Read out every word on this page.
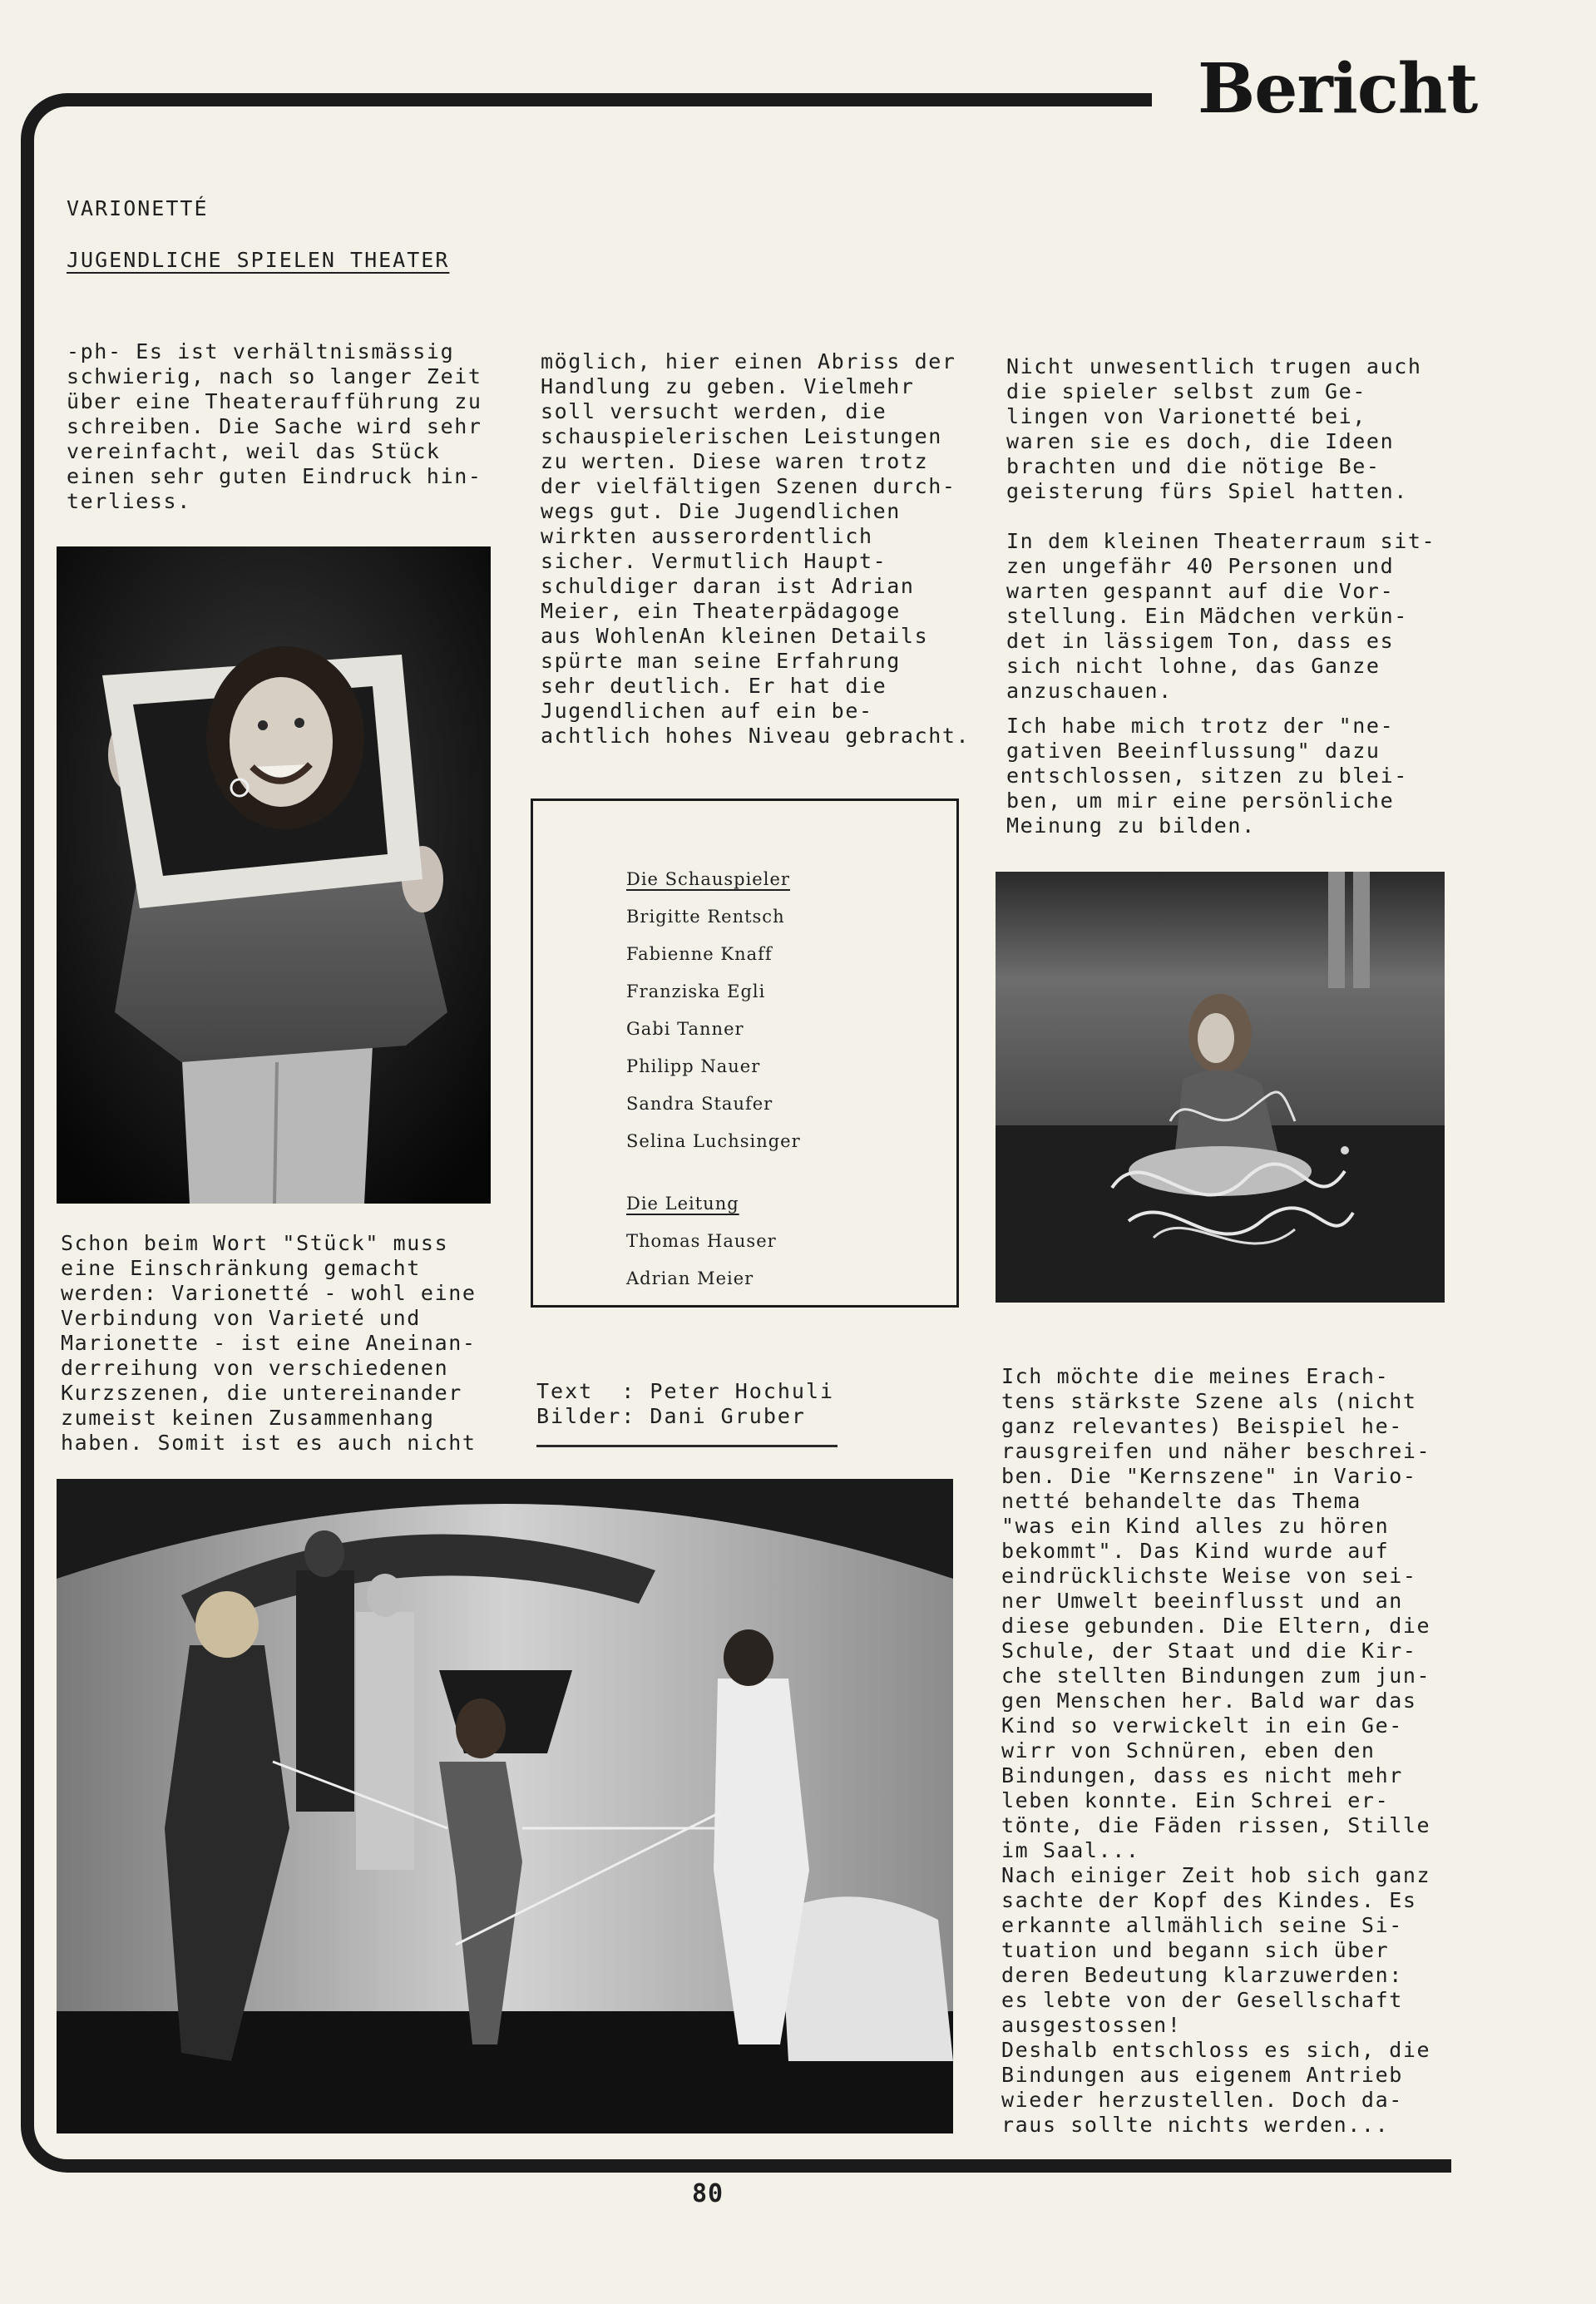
Bericht
VARIONETTÉ
JUGENDLICHE SPIELEN THEATER

-ph- Es ist verhältnismässig
schwierig, nach so langer Zeit
über eine Theateraufführung zu
schreiben. Die Sache wird sehr
vereinfacht, weil das Stück
einen sehr guten Eindruck hin-
terliess.

Schon beim Wort "Stück" muss
eine Einschränkung gemacht
werden: Varionetté - wohl eine
Verbindung von Varieté und
Marionette - ist eine Aneinan-
derreihung von verschiedenen
Kurzszenen, die untereinander
zumeist keinen Zusammenhang
haben. Somit ist es auch nicht

möglich, hier einen Abriss der
Handlung zu geben. Vielmehr
soll versucht werden, die
schauspielerischen Leistungen
zu werten. Diese waren trotz
der vielfältigen Szenen durch-
wegs gut. Die Jugendlichen
wirkten ausserordentlich
sicher. Vermutlich Haupt-
schuldiger daran ist Adrian
Meier, ein Theaterpädagoge
aus WohlenAn kleinen Details
spürte man seine Erfahrung
sehr deutlich. Er hat die
Jugendlichen auf ein be-
achtlich hohes Niveau gebracht.

Die Schauspieler
Brigitte Rentsch
Fabienne Knaff
Franziska Egli
Gabi Tanner
Philipp Nauer
Sandra Staufer
Selina Luchsinger
Die Leitung
Thomas Hauser
Adrian Meier
Text  : Peter Hochuli
Bilder: Dani Gruber

Nicht unwesentlich trugen auch
die spieler selbst zum Ge-
lingen von Varionetté bei,
waren sie es doch, die Ideen
brachten und die nötige Be-
geisterung fürs Spiel hatten.

In dem kleinen Theaterraum sit-
zen ungefähr 40 Personen und
warten gespannt auf die Vor-
stellung. Ein Mädchen verkün-
det in lässigem Ton, dass es
sich nicht lohne, das Ganze
anzuschauen.

Ich habe mich trotz der "ne-
gativen Beeinflussung" dazu
entschlossen, sitzen zu blei-
ben, um mir eine persönliche
Meinung zu bilden.

Ich möchte die meines Erach-
tens stärkste Szene als (nicht
ganz relevantes) Beispiel he-
rausgreifen und näher beschrei-
ben. Die "Kernszene" in Vario-
netté behandelte das Thema
"was ein Kind alles zu hören
bekommt". Das Kind wurde auf
eindrücklichste Weise von sei-
ner Umwelt beeinflusst und an
diese gebunden. Die Eltern, die
Schule, der Staat und die Kir-
che stellten Bindungen zum jun-
gen Menschen her. Bald war das
Kind so verwickelt in ein Ge-
wirr von Schnüren, eben den
Bindungen, dass es nicht mehr
leben konnte. Ein Schrei er-
tönte, die Fäden rissen, Stille
im Saal...
Nach einiger Zeit hob sich ganz
sachte der Kopf des Kindes. Es
erkannte allmählich seine Si-
tuation und begann sich über
deren Bedeutung klarzuwerden:
es lebte von der Gesellschaft
ausgestossen!
Deshalb entschloss es sich, die
Bindungen aus eigenem Antrieb
wieder herzustellen. Doch da-
raus sollte nichts werden...

80
